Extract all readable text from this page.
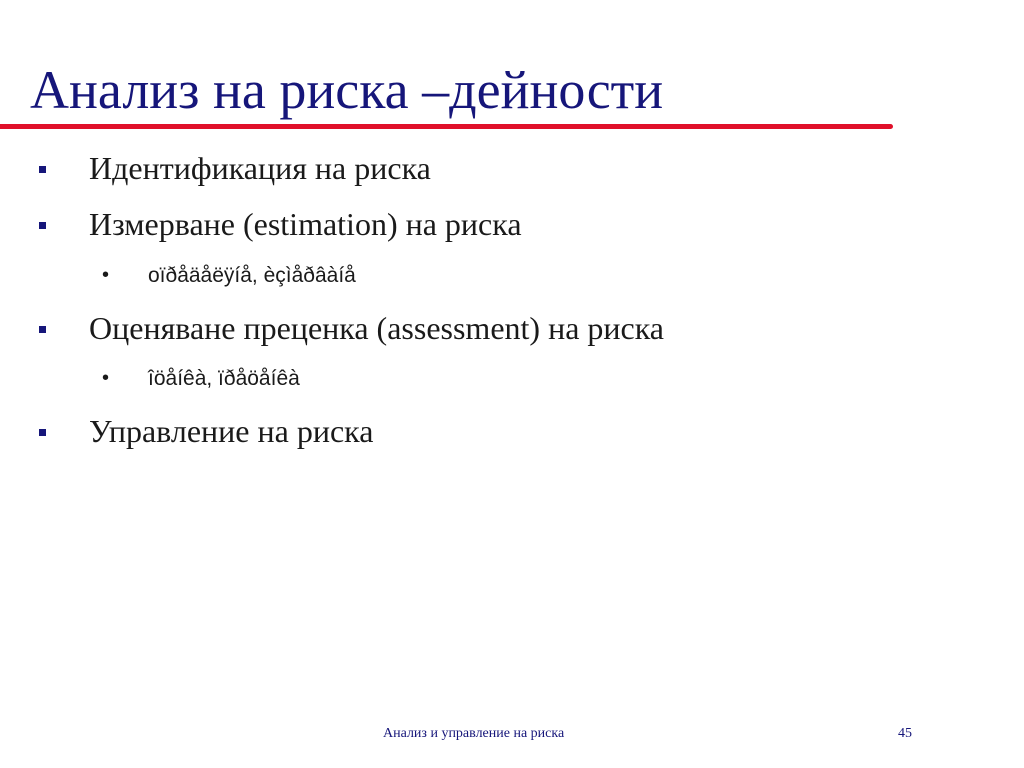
Анализ на риска –дейности
Идентификация на риска
Измерване (estimation) на риска
• oïðåäåëÿíå, èçìåðâàíå
Оценяване преценка (assessment) на риска
• îöåíêà, ïðåöåíêà
Управление на риска
Анализ и управление на риска	45
